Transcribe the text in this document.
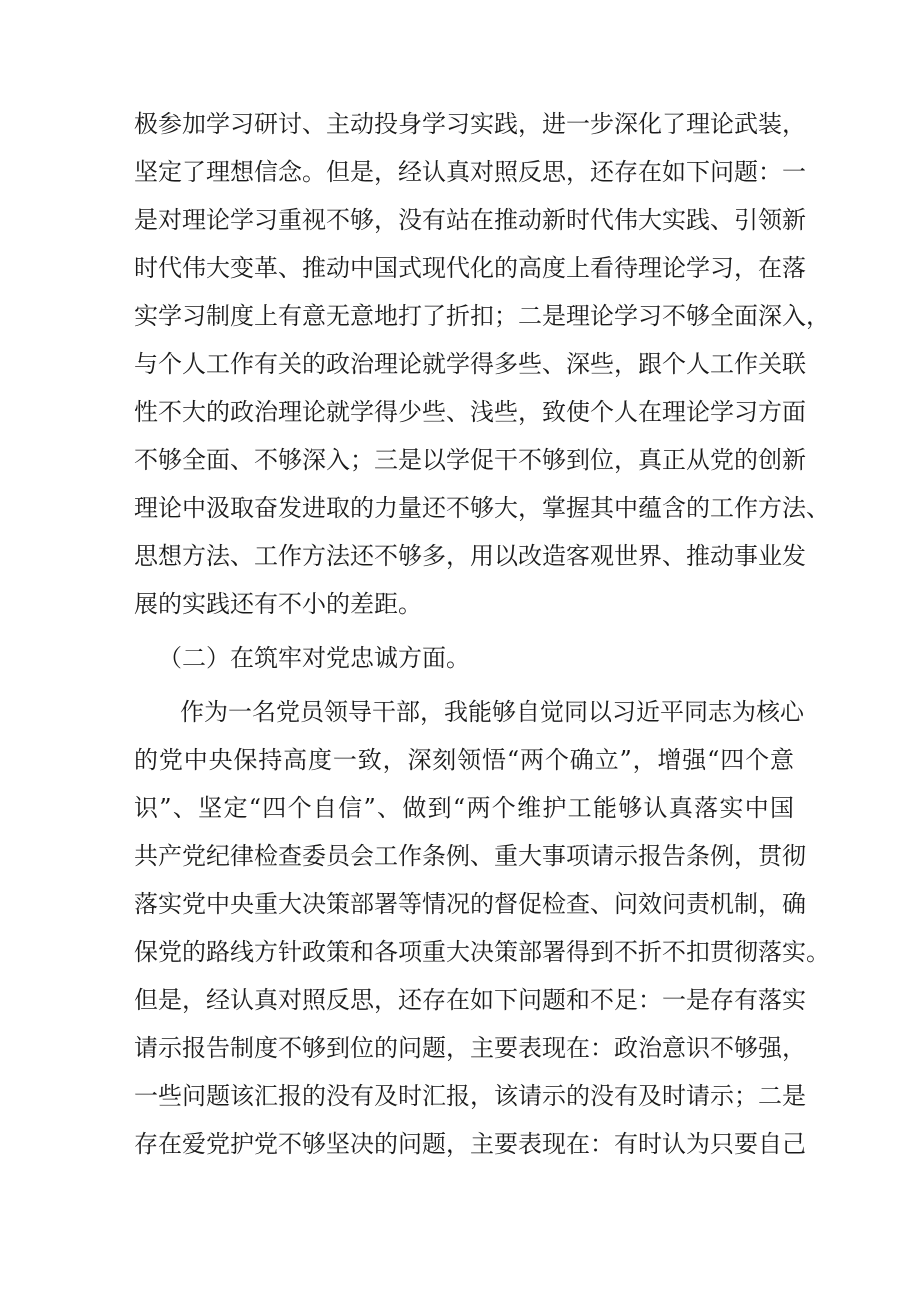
极参加学习研讨、主动投身学习实践，进一步深化了理论武装，
坚定了理想信念。但是，经认真对照反思，还存在如下问题：一
是对理论学习重视不够，没有站在推动新时代伟大实践、引领新
时代伟大变革、推动中国式现代化的高度上看待理论学习，在落
实学习制度上有意无意地打了折扣；二是理论学习不够全面深入，
与个人工作有关的政治理论就学得多些、深些，跟个人工作关联
性不大的政治理论就学得少些、浅些，致使个人在理论学习方面
不够全面、不够深入；三是以学促干不够到位，真正从党的创新
理论中汲取奋发进取的力量还不够大，掌握其中蕴含的工作方法、
思想方法、工作方法还不够多，用以改造客观世界、推动事业发
展的实践还有不小的差距。
（二）在筑牢对党忠诚方面。
作为一名党员领导干部，我能够自觉同以习近平同志为核心
的党中央保持高度一致，深刻领悟“两个确立”，增强“四个意
识”、坚定“四个自信”、做到“两个维护工能够认真落实中国
共产党纪律检查委员会工作条例、重大事项请示报告条例，贯彻
落实党中央重大决策部署等情况的督促检查、问效问责机制，确
保党的路线方针政策和各项重大决策部署得到不折不扣贯彻落实。
但是，经认真对照反思，还存在如下问题和不足：一是存有落实
请示报告制度不够到位的问题，主要表现在：政治意识不够强，
一些问题该汇报的没有及时汇报，该请示的没有及时请示；二是
存在爱党护党不够坚决的问题，主要表现在：有时认为只要自己
